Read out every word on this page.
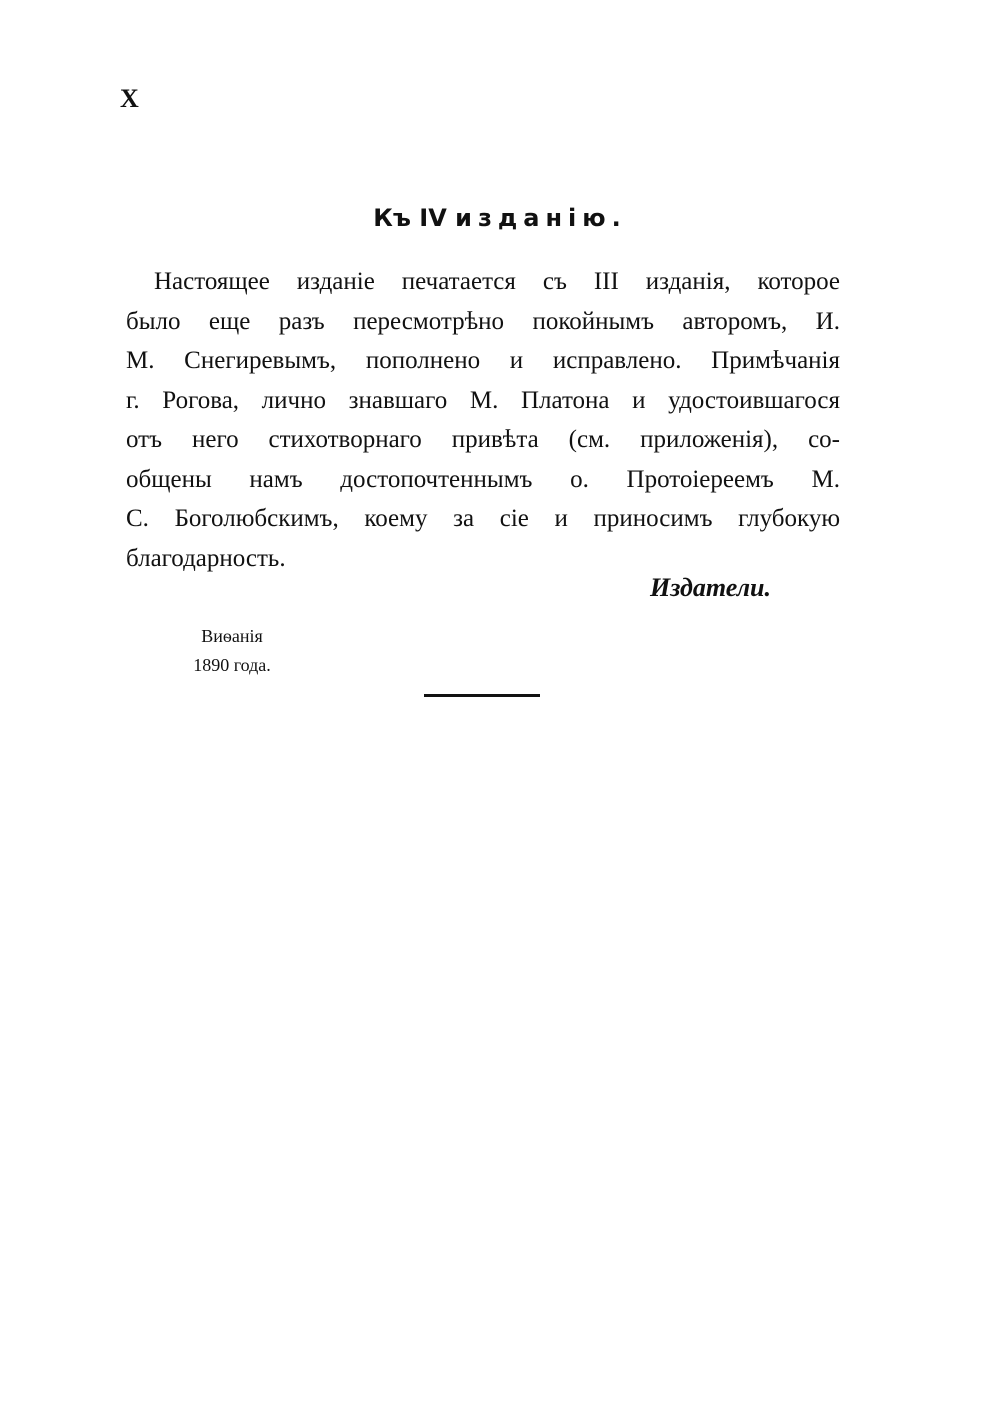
X
Къ IV изданію.
Настоящее изданіе печатается съ III изданія, которое
было еще разъ пересмотрѣно покойнымъ авторомъ, И.
М. Снегиревымъ, пополнено и исправлено. Примѣчанія
г. Рогова, лично знавшаго М. Платона и удостоившагося
отъ него стихотворнаго привѣта (см. приложенія), со-
общены намъ достопочтеннымъ о. Протоіереемъ М.
С. Боголюбскимъ, коему за сіе и приносимъ глубокую
благодарность.
Издатели.
Виѳанія
1890 года.
